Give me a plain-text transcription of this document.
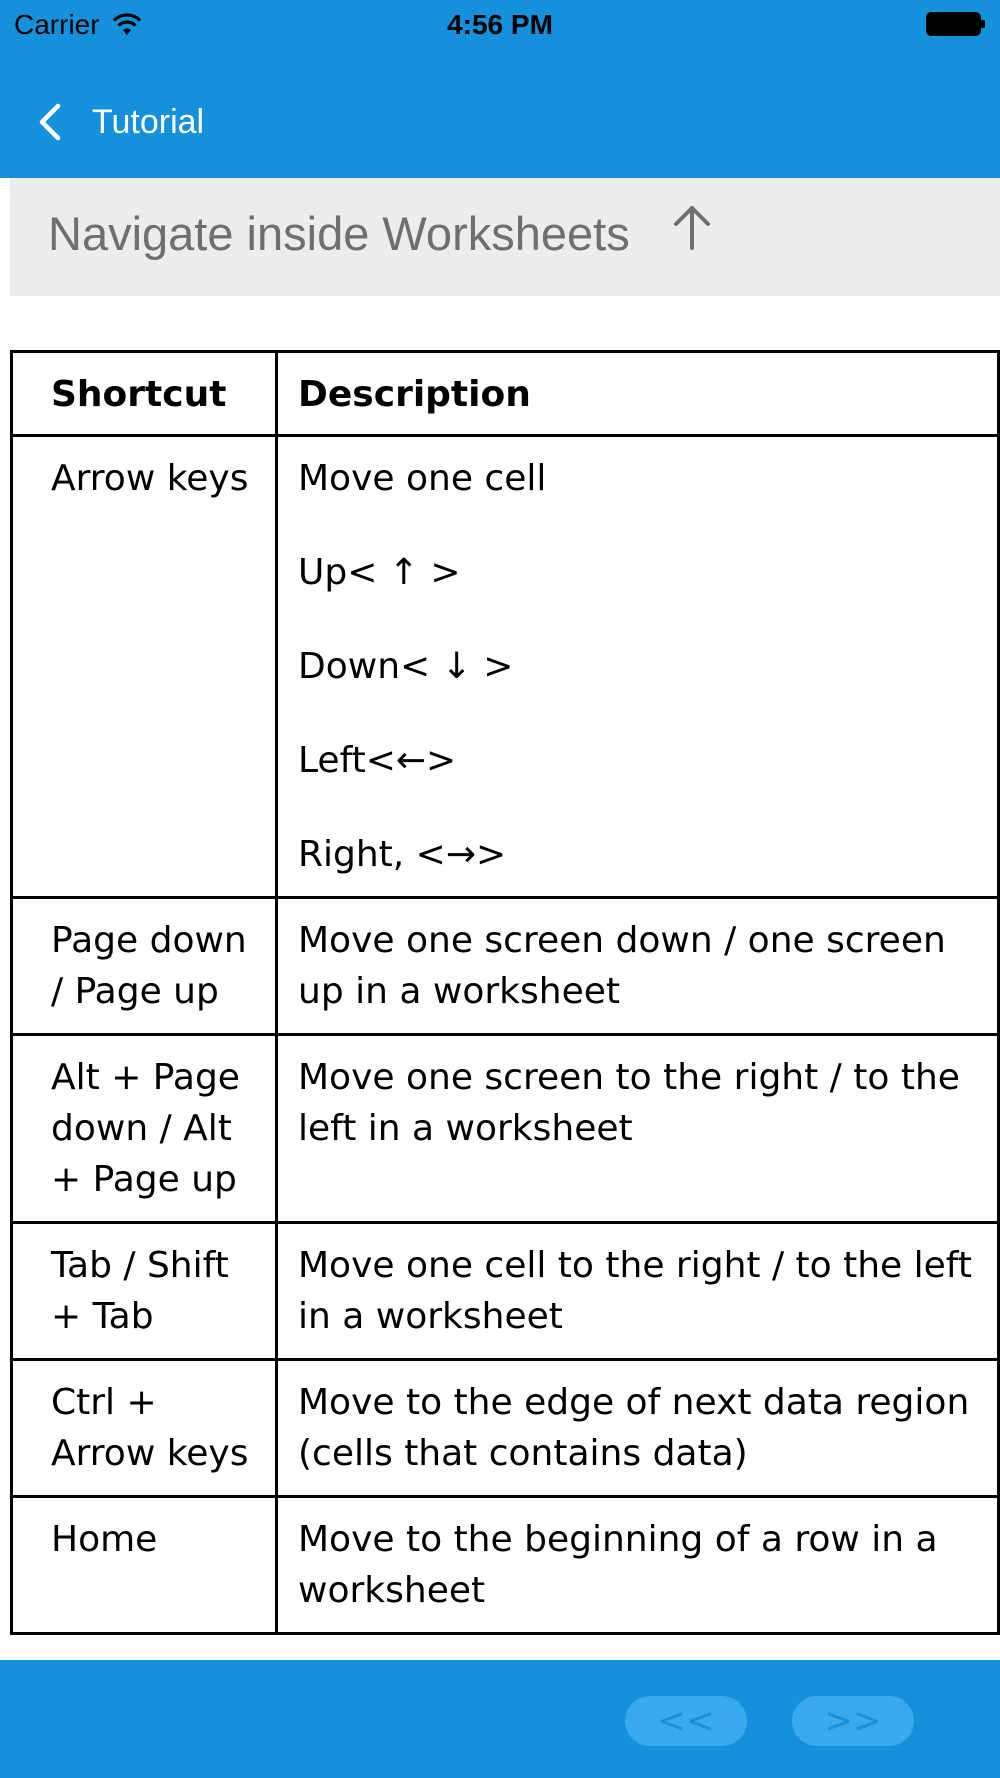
Carrier	4:56 PM
Tutorial
Navigate inside Worksheets
Shortcut	Description
Arrow keys	Move one cell
Up< ↑ >
Down< ↓ >
Left<←>
Right, <→>

Page down / Page up	Move one screen down / one screen up in a worksheet

Alt + Page down / Alt + Page up	Move one screen to the right / to the left in a worksheet

Tab / Shift + Tab	Move one cell to the right / to the left in a worksheet

Ctrl + Arrow keys	Move to the edge of next data region (cells that contains data)

Home	Move to the beginning of a row in a worksheet
<<	>>
